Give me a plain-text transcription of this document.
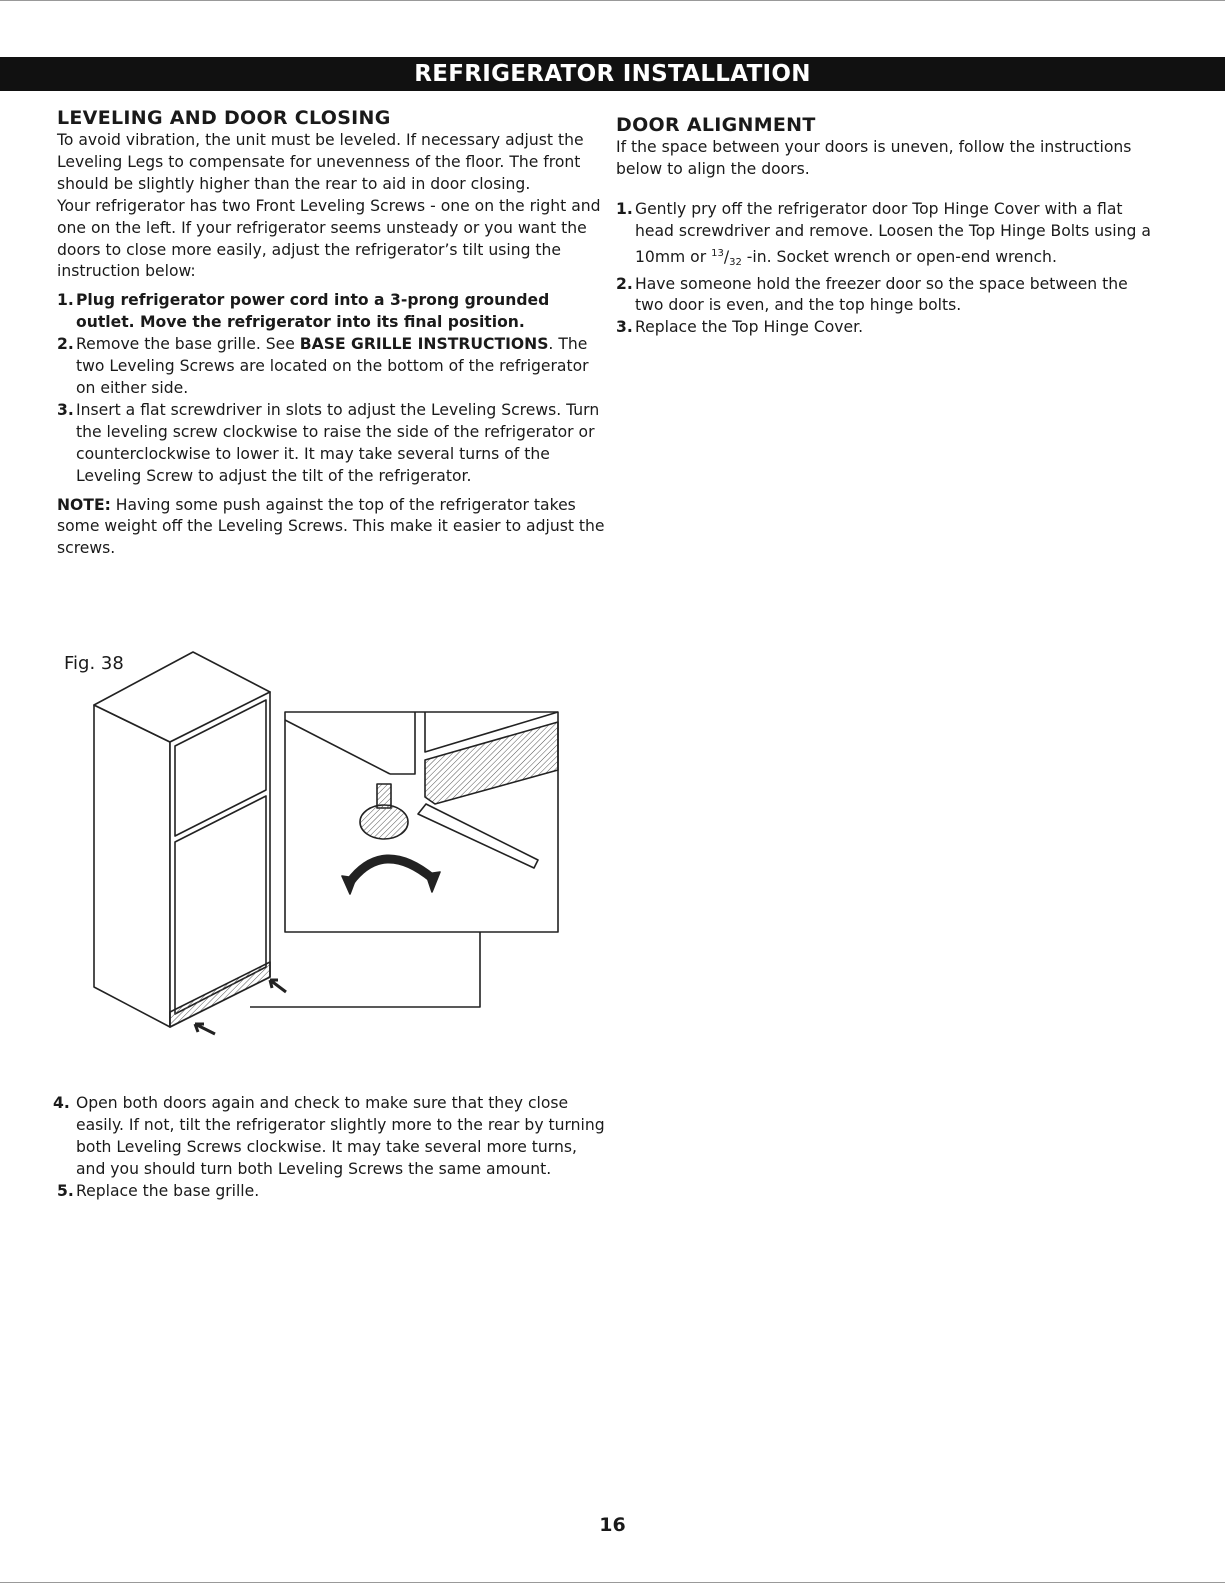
REFRIGERATOR INSTALLATION
LEVELING AND DOOR CLOSING

To avoid vibration, the unit must be leveled. If necessary adjust the Leveling Legs to compensate for unevenness of the floor. The front should be slightly higher than the rear to aid in door closing.

Your refrigerator has two Front Leveling Screws - one on the right and one on the left. If your refrigerator seems unsteady or you want the doors to close more easily, adjust the refrigerator’s tilt using the instruction below:

1. Plug refrigerator power cord into a 3-prong grounded outlet. Move the refrigerator into its final position.
2. Remove the base grille. See BASE GRILLE INSTRUCTIONS. The two Leveling Screws are located on the bottom of the refrigerator on either side.
3. Insert a flat screwdriver in slots to adjust the Leveling Screws. Turn the leveling screw clockwise to raise the side of the refrigerator or counterclockwise to lower it. It may take several turns of the Leveling Screw to adjust the tilt of the refrigerator.

NOTE: Having some push against the top of the refrigerator takes some weight off the Leveling Screws. This make it easier to adjust the screws.

Fig. 38
4. Open both doors again and check to make sure that they close easily. If not, tilt the refrigerator slightly more to the rear by turning both Leveling Screws clockwise. It may take several more turns, and you should turn both Leveling Screws the same amount.
5. Replace the base grille.
DOOR ALIGNMENT

If the space between your doors is uneven, follow the instructions below to align the doors.

1. Gently pry off the refrigerator door Top Hinge Cover with a flat head screwdriver and remove. Loosen the Top Hinge Bolts using a 10mm or $^{13}$/32 -in. Socket wrench or open-end wrench.
2. Have someone hold the freezer door so the space between the two door is even, and the top hinge bolts.
3. Replace the Top Hinge Cover.
16
